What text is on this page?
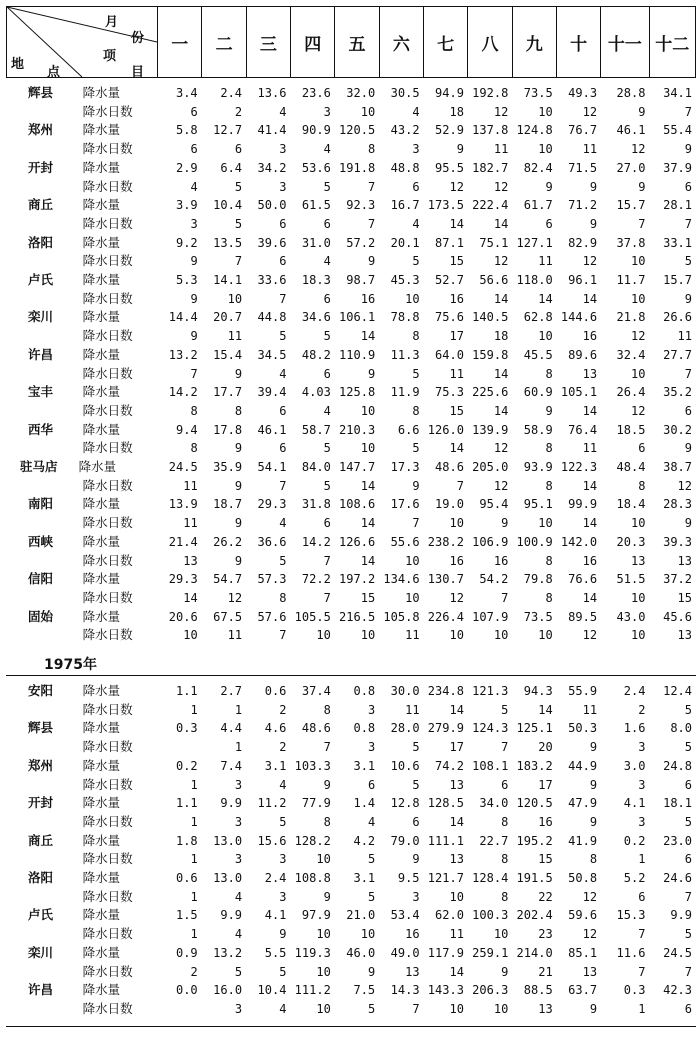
月
份
项
目
地
点
	一	二	三	四	五	六	七	八	九	十	十一	十二
辉县	降水量	3.4	2.4	13.6	23.6	32.0	30.5	94.9	192.8	73.5	49.3	28.8	34.1
	降水日数	6	2	4	3	10	4	18	12	10	12	9	7
郑州	降水量	5.8	12.7	41.4	90.9	120.5	43.2	52.9	137.8	124.8	76.7	46.1	55.4
	降水日数	6	6	3	4	8	3	9	11	10	11	12	9
开封	降水量	2.9	6.4	34.2	53.6	191.8	48.8	95.5	182.7	82.4	71.5	27.0	37.9
	降水日数	4	5	3	5	7	6	12	12	9	9	9	6
商丘	降水量	3.9	10.4	50.0	61.5	92.3	16.7	173.5	222.4	61.7	71.2	15.7	28.1
	降水日数	3	5	6	6	7	4	14	14	6	9	7	7
洛阳	降水量	9.2	13.5	39.6	31.0	57.2	20.1	87.1	75.1	127.1	82.9	37.8	33.1
	降水日数	9	7	6	4	9	5	15	12	11	12	10	5
卢氏	降水量	5.3	14.1	33.6	18.3	98.7	45.3	52.7	56.6	118.0	96.1	11.7	15.7
	降水日数	9	10	7	6	16	10	16	14	14	14	10	9
栾川	降水量	14.4	20.7	44.8	34.6	106.1	78.8	75.6	140.5	62.8	144.6	21.8	26.6
	降水日数	9	11	5	5	14	8	17	18	10	16	12	11
许昌	降水量	13.2	15.4	34.5	48.2	110.9	11.3	64.0	159.8	45.5	89.6	32.4	27.7
	降水日数	7	9	4	6	9	5	11	14	8	13	10	7
宝丰	降水量	14.2	17.7	39.4	4.03	125.8	11.9	75.3	225.6	60.9	105.1	26.4	35.2
	降水日数	8	8	6	4	10	8	15	14	9	14	12	6
西华	降水量	9.4	17.8	46.1	58.7	210.3	6.6	126.0	139.9	58.9	76.4	18.5	30.2
	降水日数	8	9	6	5	10	5	14	12	8	11	6	9
驻马店	降水量	24.5	35.9	54.1	84.0	147.7	17.3	48.6	205.0	93.9	122.3	48.4	38.7
	降水日数	11	9	7	5	14	9	7	12	8	14	8	12
南阳	降水量	13.9	18.7	29.3	31.8	108.6	17.6	19.0	95.4	95.1	99.9	18.4	28.3
	降水日数	11	9	4	6	14	7	10	9	10	14	10	9
西峡	降水量	21.4	26.2	36.6	14.2	126.6	55.6	238.2	106.9	100.9	142.0	20.3	39.3
	降水日数	13	9	5	7	14	10	16	16	8	16	13	13
信阳	降水量	29.3	54.7	57.3	72.2	197.2	134.6	130.7	54.2	79.8	76.6	51.5	37.2
	降水日数	14	12	8	7	15	10	12	7	8	14	10	15
固始	降水量	20.6	67.5	57.6	105.5	216.5	105.8	226.4	107.9	73.5	89.5	43.0	45.6
	降水日数	10	11	7	10	10	11	10	10	10	12	10	13
1975年
安阳	降水量	1.1	2.7	0.6	37.4	0.8	30.0	234.8	121.3	94.3	55.9	2.4	12.4
	降水日数	1	1	2	8	3	11	14	5	14	11	2	5
辉县	降水量	0.3	4.4	4.6	48.6	0.8	28.0	279.9	124.3	125.1	50.3	1.6	8.0
	降水日数		1	2	7	3	5	17	7	20	9	3	5
郑州	降水量	0.2	7.4	3.1	103.3	3.1	10.6	74.2	108.1	183.2	44.9	3.0	24.8
	降水日数	1	3	4	9	6	5	13	6	17	9	3	6
开封	降水量	1.1	9.9	11.2	77.9	1.4	12.8	128.5	34.0	120.5	47.9	4.1	18.1
	降水日数	1	3	5	8	4	6	14	8	16	9	3	5
商丘	降水量	1.8	13.0	15.6	128.2	4.2	79.0	111.1	22.7	195.2	41.9	0.2	23.0
	降水日数	1	3	3	10	5	9	13	8	15	8	1	6
洛阳	降水量	0.6	13.0	2.4	108.8	3.1	9.5	121.7	128.4	191.5	50.8	5.2	24.6
	降水日数	1	4	3	9	5	3	10	8	22	12	6	7
卢氏	降水量	1.5	9.9	4.1	97.9	21.0	53.4	62.0	100.3	202.4	59.6	15.3	9.9
	降水日数	1	4	9	10	10	16	11	10	23	12	7	5
栾川	降水量	0.9	13.2	5.5	119.3	46.0	49.0	117.9	259.1	214.0	85.1	11.6	24.5
	降水日数	2	5	5	10	9	13	14	9	21	13	7	7
许昌	降水量	0.0	16.0	10.4	111.2	7.5	14.3	143.3	206.3	88.5	63.7	0.3	42.3
	降水日数		3	4	10	5	7	10	10	13	9	1	6
